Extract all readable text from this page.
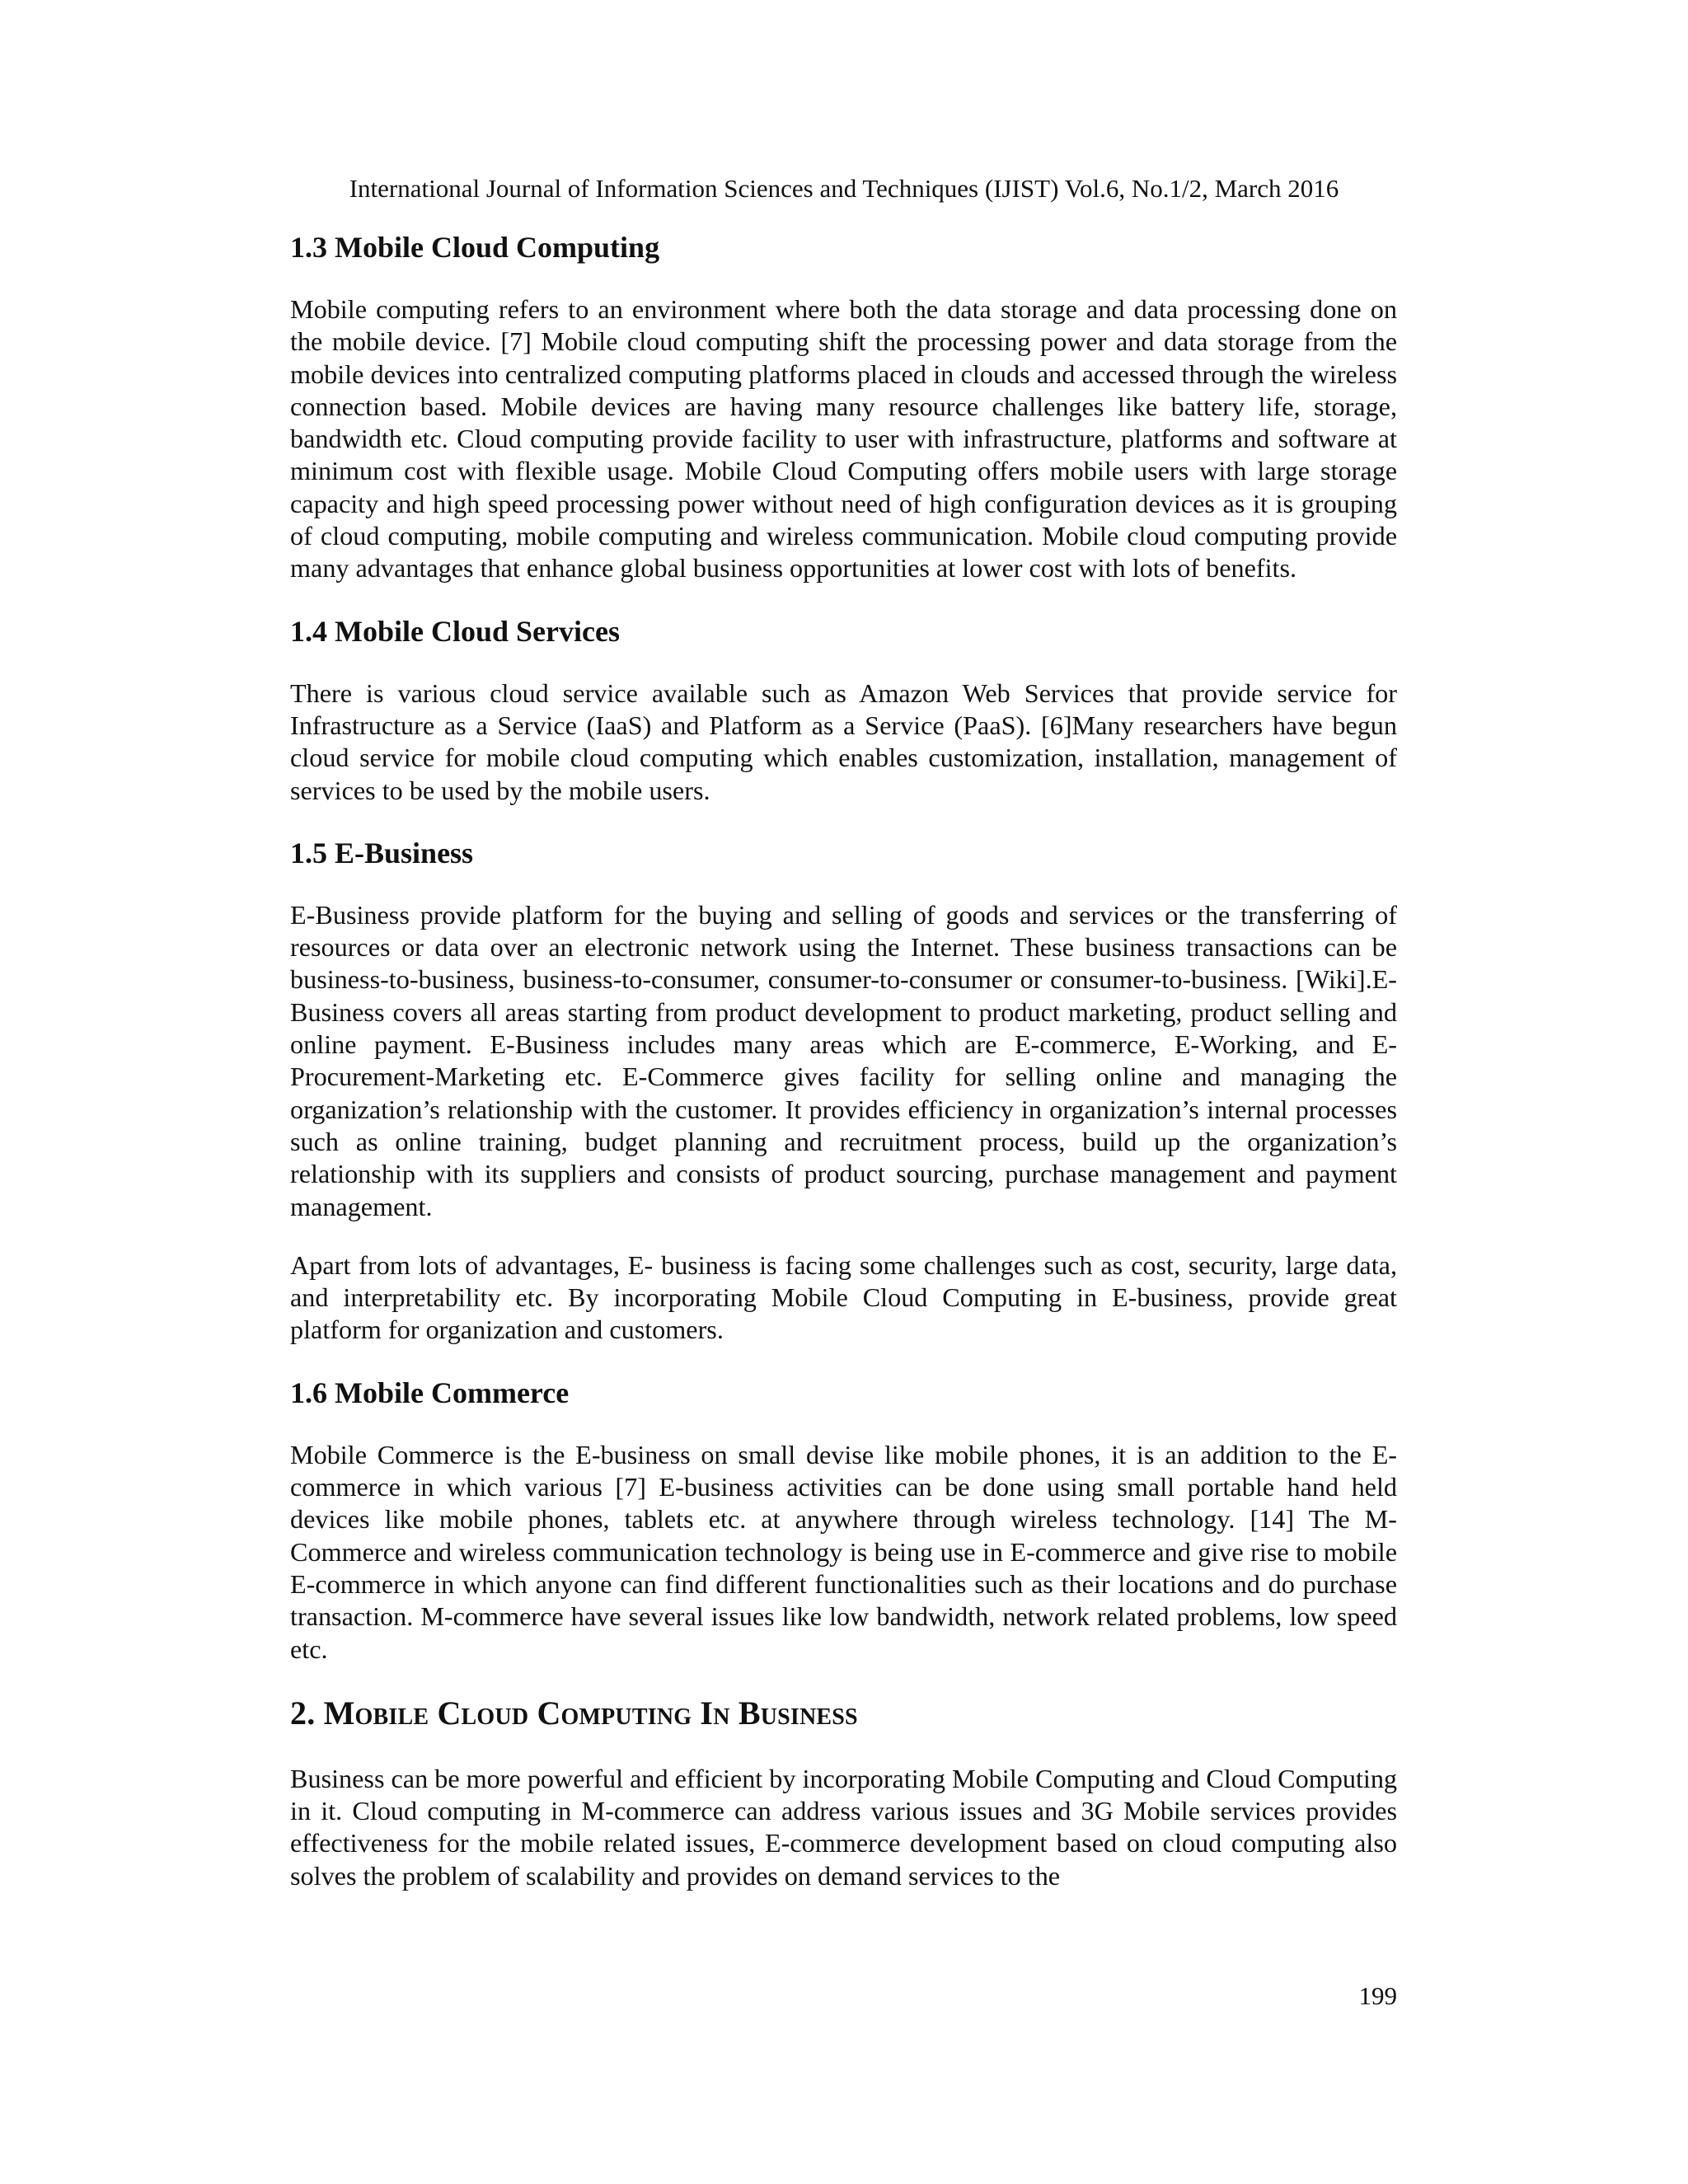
International Journal of Information Sciences and Techniques (IJIST) Vol.6, No.1/2, March 2016
1.3 Mobile Cloud Computing

Mobile computing refers to an environment where both the data storage and data processing done on the mobile device. [7] Mobile cloud computing shift the processing power and data storage from the mobile devices into centralized computing platforms placed in clouds and accessed through the wireless connection based. Mobile devices are having many resource challenges like battery life, storage, bandwidth etc. Cloud computing provide facility to user with infrastructure, platforms and software at minimum cost with flexible usage. Mobile Cloud Computing offers mobile users with large storage capacity and high speed processing power without need of high configuration devices as it is grouping of cloud computing, mobile computing and wireless communication. Mobile cloud computing provide many advantages that enhance global business opportunities at lower cost with lots of benefits.

1.4 Mobile Cloud Services

There is various cloud service available such as Amazon Web Services that provide service for Infrastructure as a Service (IaaS) and Platform as a Service (PaaS). [6]Many researchers have begun cloud service for mobile cloud computing which enables customization, installation, management of services to be used by the mobile users.

1.5 E-Business

E-Business provide platform for the buying and selling of goods and services or the transferring of resources or data over an electronic network using the Internet. These business transactions can be business-to-business, business-to-consumer, consumer-to-consumer or consumer-to-business. [Wiki].E-Business covers all areas starting from product development to product marketing, product selling and online payment. E-Business includes many areas which are E-commerce, E-Working, and E-Procurement-Marketing etc. E-Commerce gives facility for selling online and managing the organization’s relationship with the customer. It provides efficiency in organization’s internal processes such as online training, budget planning and recruitment process, build up the organization’s relationship with its suppliers and consists of product sourcing, purchase management and payment management.

Apart from lots of advantages, E- business is facing some challenges such as cost, security, large data, and interpretability etc. By incorporating Mobile Cloud Computing in E-business, provide great platform for organization and customers.

1.6 Mobile Commerce

Mobile Commerce is the E-business on small devise like mobile phones, it is an addition to the E-commerce in which various [7] E-business activities can be done using small portable hand held devices like mobile phones, tablets etc. at anywhere through wireless technology. [14] The M-Commerce and wireless communication technology is being use in E-commerce and give rise to mobile E-commerce in which anyone can find different functionalities such as their locations and do purchase transaction. M-commerce have several issues like low bandwidth, network related problems, low speed etc.

2. Mobile Cloud Computing In Business

Business can be more powerful and efficient by incorporating Mobile Computing and Cloud Computing in it. Cloud computing in M-commerce can address various issues and 3G Mobile services provides effectiveness for the mobile related issues, E-commerce development based on cloud computing also solves the problem of scalability and provides on demand services to the

199
